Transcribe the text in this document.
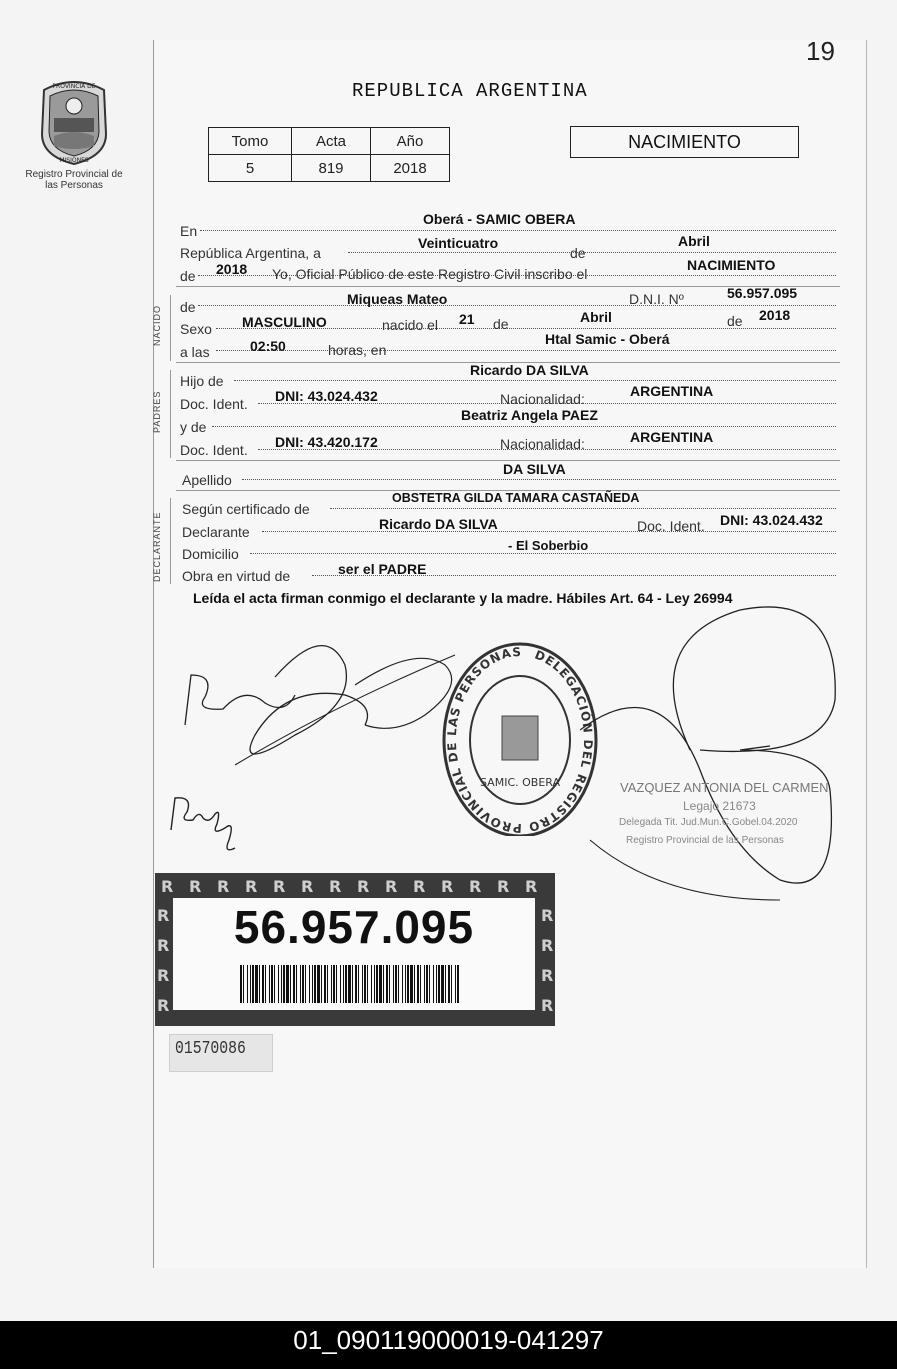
19
PROVINCIA DE
MISIONES
Registro Provincial de las Personas
REPUBLICA ARGENTINA
Tomo	Acta	Año
5	819	2018
NACIMIENTO
En
Oberá - SAMIC OBERA
República Argentina, a
Veinticuatro
de
Abril
de 2018 Yo, Oficial Público de este Registro Civil inscribo el
NACIMIENTO
NACIDO de	Miqueas Mateo	D.N.I. Nº	56.957.095
Sexo MASCULINO	nacido el 21 de	Abril	de 2018
a las	02:50	horas, en
Htal Samic - Oberá
PADRES
Hijo de
Ricardo DA SILVA
Doc. Ident. DNI: 43.024.432	Nacionalidad:	ARGENTINA
y de
Beatriz Angela PAEZ
Doc. Ident. DNI: 43.420.172	Nacionalidad:	ARGENTINA
Apellido
DA SILVA
DECLARANTE
Según certificado de
OBSTETRA GILDA TAMARA CASTAÑEDA
Declarante	Ricardo DA SILVA	Doc. Ident. DNI: 43.024.432
Domicilio
- El Soberbio
Obra en virtud de	ser el PADRE
Leída el acta firman conmigo el declarante y la madre. Hábiles Art. 64 - Ley 26994
DELEGACIÓN DEL REGISTRO PROVINCIAL DE LAS PERSONAS
SAMIC. OBERA	VAZQUEZ ANTONIA DEL CARMEN
Legajo 21673
Delegada Tit. Jud.Mun.C.Gobel.04.2020
Registro Provincial de las Personas
R R R R R R R R R R R R R R
R	R
R	R
R	R
R	R
56.957.095
01570086
01_090119000019-041297
